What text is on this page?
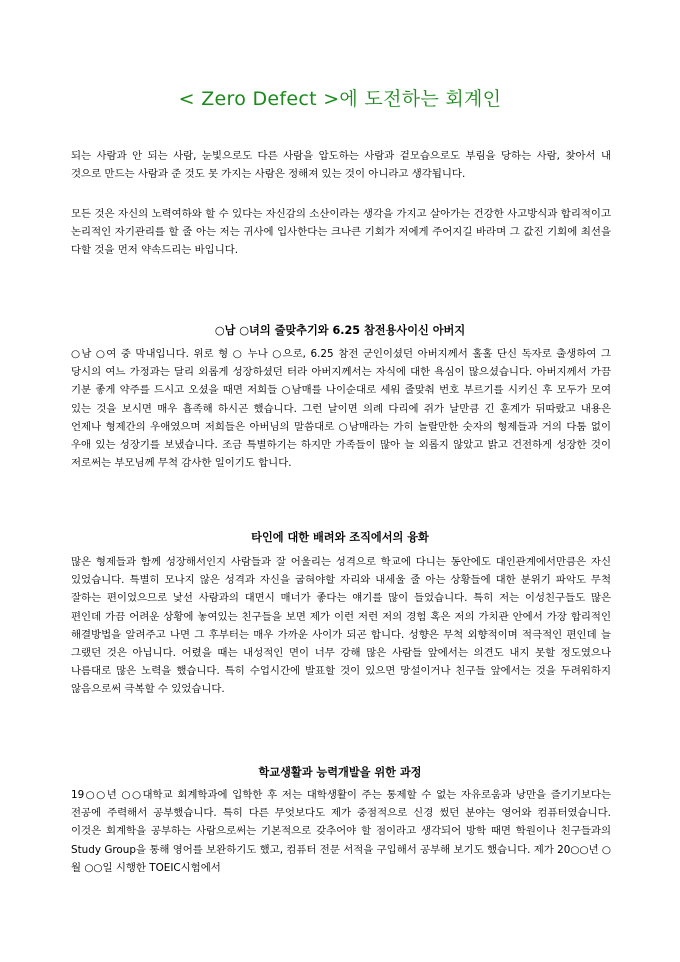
< Zero Defect >에 도전하는 회계인

되는 사람과 안 되는 사람, 눈빛으로도 다른 사람을 압도하는 사람과 겉모습으로도 부림을 당하는 사람, 찾아서 내 것으로 만드는 사람과 준 것도 못 가지는 사람은 정해져 있는 것이 아니라고 생각됩니다.

모든 것은 자신의 노력여하와 할 수 있다는 자신감의 소산이라는 생각을 가지고 살아가는 건강한 사고방식과 합리적이고 논리적인 자기관리를 할 줄 아는 저는 귀사에 입사한다는 크나큰 기회가 저에게 주어지길 바라며 그 값진 기회에 최선을 다할 것을 먼저 약속드리는 바입니다.

○남 ○녀의 줄맞추기와 6.25 참전용사이신 아버지

○남 ○여 중 막내입니다. 위로 형 ○ 누나 ○으로, 6.25 참전 군인이셨던 아버지께서 홀홀 단신 독자로 출생하여 그 당시의 여느 가정과는 달리 외롭게 성장하셨던 터라 아버지께서는 자식에 대한 욕심이 많으셨습니다. 아버지께서 가끔 기분 좋게 약주를 드시고 오셨을 때면 저희들 ○남매를 나이순대로 세워 줄맞춰 번호 부르기를 시키신 후 모두가 모여 있는 것을 보시면 매우 흡족해 하시곤 했습니다. 그런 날이면 의례 다리에 쥐가 날만큼 긴 훈계가 뒤따랐고 내용은 언제나 형제간의 우애였으며 저희들은 아버님의 말씀대로 ○남매라는 가히 놀랄만한 숫자의 형제들과 거의 다툼 없이 우애 있는 성장기를 보냈습니다. 조금 특별하기는 하지만 가족들이 많아 늘 외롭지 않았고 밝고 건전하게 성장한 것이 저로써는 부모님께 무척 감사한 일이기도 합니다.

타인에 대한 배려와 조직에서의 융화

많은 형제들과 함께 성장해서인지 사람들과 잘 어울리는 성격으로 학교에 다니는 동안에도 대인관계에서만큼은 자신 있었습니다. 특별히 모나지 않은 성격과 자신을 굽혀야할 자리와 내세울 줄 아는 상황들에 대한 분위기 파악도 무척 잘하는 편이었으므로 낯선 사람과의 대면시 매너가 좋다는 얘기를 많이 들었습니다. 특히 저는 이성친구들도 많은 편인데 가끔 어려운 상황에 놓여있는 친구들을 보면 제가 이런 저런 저의 경험 혹은 저의 가치관 안에서 가장 합리적인 해결방법을 알려주고 나면 그 후부터는 매우 가까운 사이가 되곤 합니다. 성향은 무척 외향적이며 적극적인 편인데 늘 그랬던 것은 아닙니다. 어렸을 때는 내성적인 면이 너무 강해 많은 사람들 앞에서는 의견도 내지 못할 정도였으나 나름대로 많은 노력을 했습니다. 특히 수업시간에 발표할 것이 있으면 망설이거나 친구들 앞에서는 것을 두려워하지 않음으로써 극복할 수 있었습니다.

학교생활과 능력개발을 위한 과정

19○○년 ○○대학교 회계학과에 입학한 후 저는 대학생활이 주는 통제할 수 없는 자유로움과 낭만을 즐기기보다는 전공에 주력해서 공부했습니다. 특히 다른 무엇보다도 제가 중점적으로 신경 썼던 분야는 영어와 컴퓨터였습니다. 이것은 회계학을 공부하는 사람으로써는 기본적으로 갖추어야 할 점이라고 생각되어 방학 때면 학원이나 친구들과의 Study Group을 통해 영어를 보완하기도 했고, 컴퓨터 전문 서적을 구입해서 공부해 보기도 했습니다. 제가 20○○년 ○월 ○○일 시행한 TOEIC시험에서
